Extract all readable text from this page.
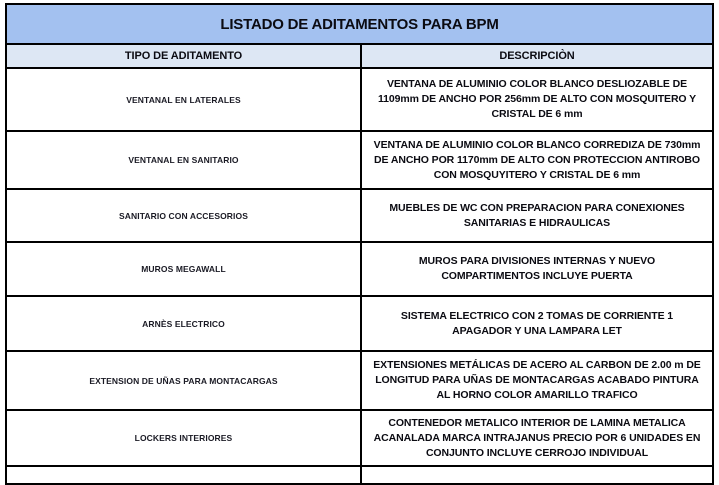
LISTADO DE ADITAMENTOS PARA BPM	
TIPO DE ADITAMENTO	DESCRIPCIÒN
VENTANAL EN LATERALES	VENTANA DE ALUMINIO COLOR BLANCO DESLIOZABLE DE 1109mm DE ANCHO POR 256mm DE ALTO CON MOSQUITERO Y CRISTAL DE 6 mm
VENTANAL EN SANITARIO	VENTANA DE ALUMINIO COLOR BLANCO CORREDIZA DE 730mm DE ANCHO POR 1170mm DE ALTO CON PROTECCION ANTIROBO CON MOSQUYITERO Y CRISTAL DE 6 mm
SANITARIO CON ACCESORIOS	MUEBLES DE WC CON PREPARACION PARA CONEXIONES SANITARIAS E HIDRAULICAS
MUROS MEGAWALL	MUROS PARA DIVISIONES INTERNAS Y NUEVO COMPARTIMENTOS INCLUYE PUERTA
ARNÈS ELECTRICO	SISTEMA ELECTRICO CON 2 TOMAS DE CORRIENTE 1 APAGADOR Y UNA LAMPARA LET
EXTENSION DE UÑAS PARA MONTACARGAS	EXTENSIONES METÁLICAS DE ACERO AL CARBON DE 2.00 m DE LONGITUD PARA UÑAS DE MONTACARGAS ACABADO PINTURA AL HORNO COLOR AMARILLO TRAFICO
LOCKERS INTERIORES	CONTENEDOR METALICO INTERIOR DE LAMINA METALICA ACANALADA MARCA INTRAJANUS PRECIO POR 6 UNIDADES EN CONJUNTO INCLUYE CERROJO INDIVIDUAL
